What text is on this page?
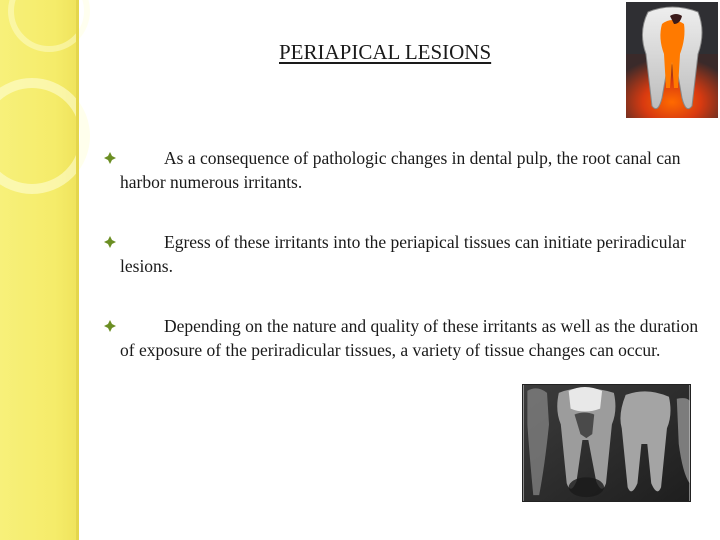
PERIAPICAL LESIONS
As a consequence of pathologic changes in dental pulp, the root canal can harbor numerous irritants.
Egress of these irritants into the periapical tissues can initiate periradicular lesions.
Depending on the nature and quality of these irritants as well as the duration of exposure of the periradicular tissues, a variety of tissue changes can occur.
